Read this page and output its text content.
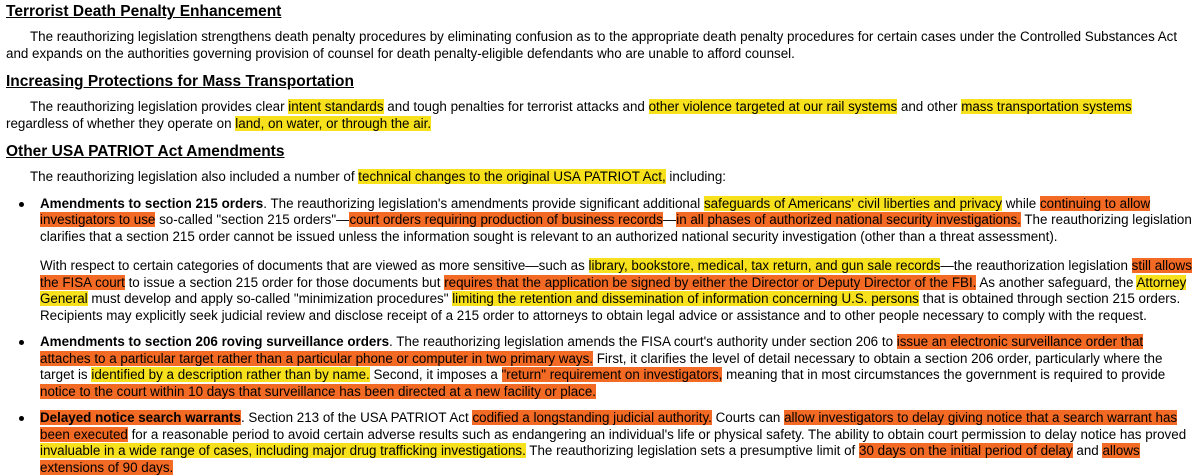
Terrorist Death Penalty Enhancement

The reauthorizing legislation strengthens death penalty procedures by eliminating confusion as to the appropriate death penalty procedures for certain cases under the Controlled Substances Act and expands on the authorities governing provision of counsel for death penalty-eligible defendants who are unable to afford counsel.

Increasing Protections for Mass Transportation

The reauthorizing legislation provides clear intent standards and tough penalties for terrorist attacks and other violence targeted at our rail systems and other mass transportation systems regardless of whether they operate on land, on water, or through the air.

Other USA PATRIOT Act Amendments

The reauthorizing legislation also included a number of technical changes to the original USA PATRIOT Act, including:

Amendments to section 215 orders. The reauthorizing legislation's amendments provide significant additional safeguards of Americans' civil liberties and privacy while continuing to allow investigators to use so-called "section 215 orders"—court orders requiring production of business records—in all phases of authorized national security investigations. The reauthorizing legislation clarifies that a section 215 order cannot be issued unless the information sought is relevant to an authorized national security investigation (other than a threat assessment).

With respect to certain categories of documents that are viewed as more sensitive—such as library, bookstore, medical, tax return, and gun sale records—the reauthorization legislation still allows the FISA court to issue a section 215 order for those documents but requires that the application be signed by either the Director or Deputy Director of the FBI. As another safeguard, the Attorney General must develop and apply so-called "minimization procedures" limiting the retention and dissemination of information concerning U.S. persons that is obtained through section 215 orders. Recipients may explicitly seek judicial review and disclose receipt of a 215 order to attorneys to obtain legal advice or assistance and to other people necessary to comply with the request.

Amendments to section 206 roving surveillance orders. The reauthorizing legislation amends the FISA court's authority under section 206 to issue an electronic surveillance order that attaches to a particular target rather than a particular phone or computer in two primary ways. First, it clarifies the level of detail necessary to obtain a section 206 order, particularly where the target is identified by a description rather than by name. Second, it imposes a "return" requirement on investigators, meaning that in most circumstances the government is required to provide notice to the court within 10 days that surveillance has been directed at a new facility or place.

Delayed notice search warrants. Section 213 of the USA PATRIOT Act codified a longstanding judicial authority. Courts can allow investigators to delay giving notice that a search warrant has been executed for a reasonable period to avoid certain adverse results such as endangering an individual's life or physical safety. The ability to obtain court permission to delay notice has proved invaluable in a wide range of cases, including major drug trafficking investigations. The reauthorizing legislation sets a presumptive limit of 30 days on the initial period of delay and allows extensions of 90 days.
